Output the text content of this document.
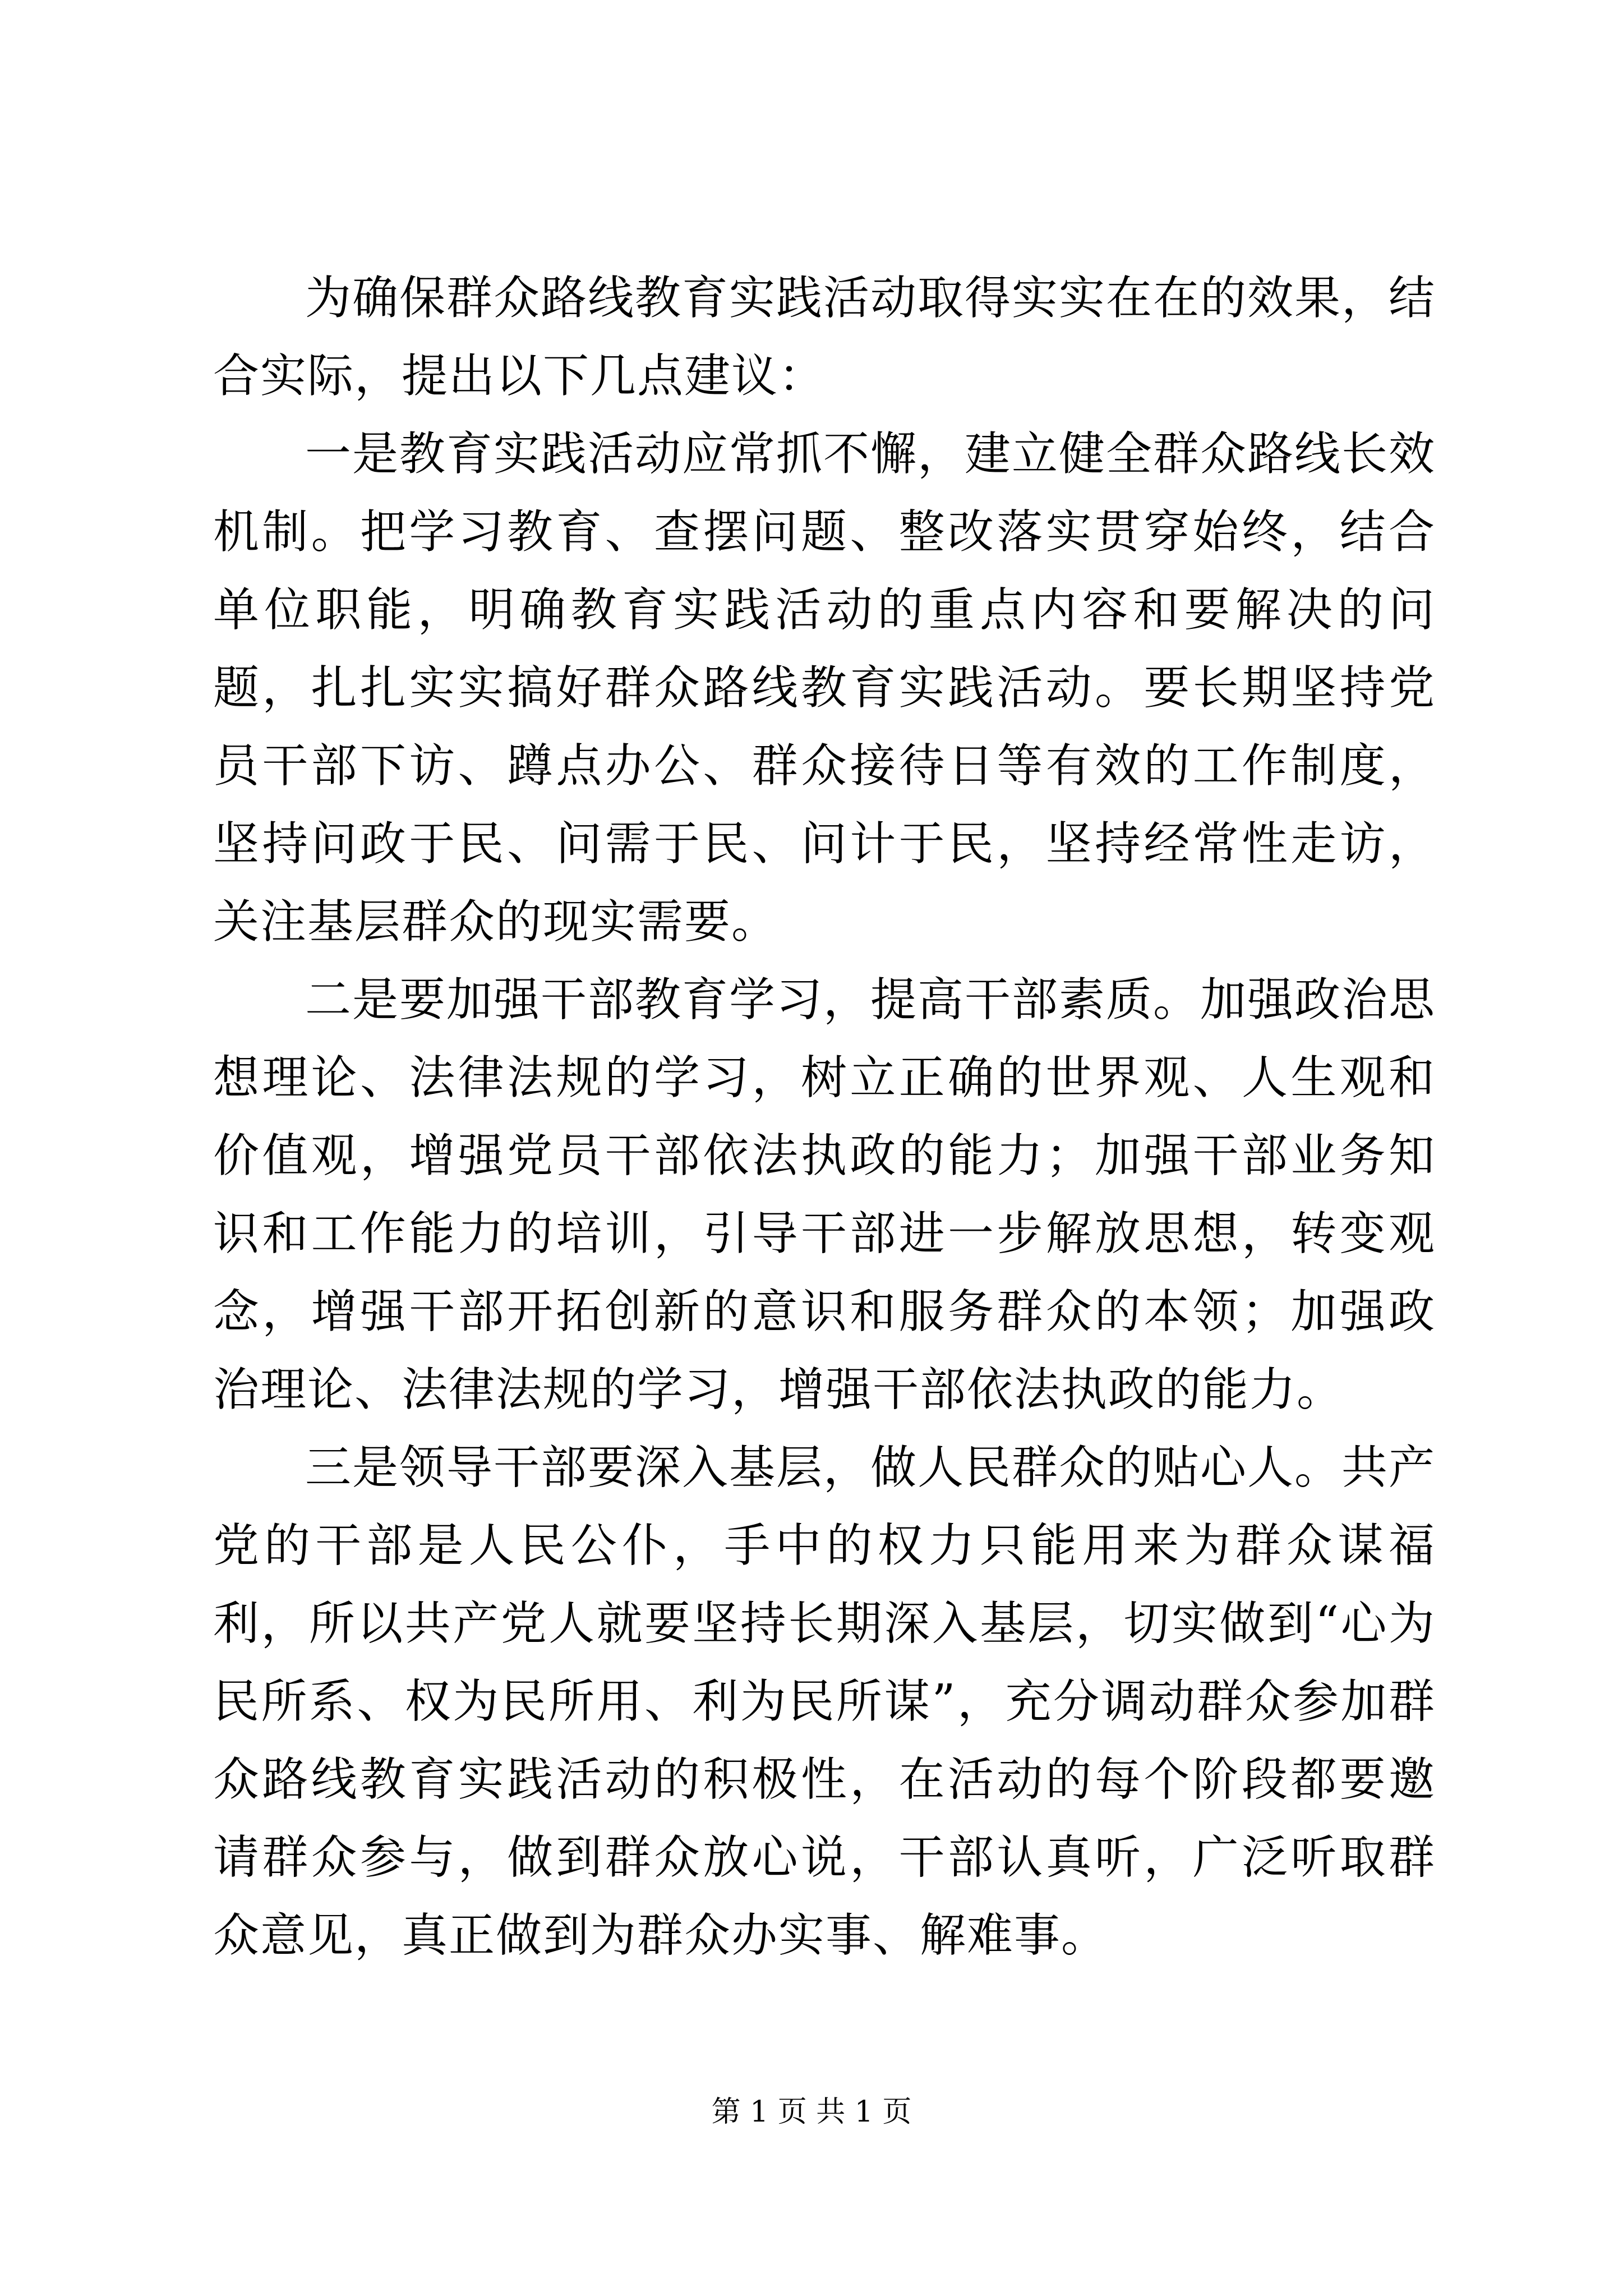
为确保群众路线教育实践活动取得实实在在的效果，结合实际，提出以下几点建议：

一是教育实践活动应常抓不懈，建立健全群众路线长效机制。把学习教育、查摆问题、整改落实贯穿始终，结合单位职能，明确教育实践活动的重点内容和要解决的问题，扎扎实实搞好群众路线教育实践活动。要长期坚持党员干部下访、蹲点办公、群众接待日等有效的工作制度，坚持问政于民、问需于民、问计于民，坚持经常性走访，关注基层群众的现实需要。

二是要加强干部教育学习，提高干部素质。加强政治思想理论、法律法规的学习，树立正确的世界观、人生观和价值观，增强党员干部依法执政的能力；加强干部业务知识和工作能力的培训，引导干部进一步解放思想，转变观念，增强干部开拓创新的意识和服务群众的本领；加强政治理论、法律法规的学习，增强干部依法执政的能力。

三是领导干部要深入基层，做人民群众的贴心人。共产党的干部是人民公仆，手中的权力只能用来为群众谋福利，所以共产党人就要坚持长期深入基层，切实做到“心为民所系、权为民所用、利为民所谋”，充分调动群众参加群众路线教育实践活动的积极性，在活动的每个阶段都要邀请群众参与，做到群众放心说，干部认真听，广泛听取群众意见，真正做到为群众办实事、解难事。

第 1 页 共 1 页
